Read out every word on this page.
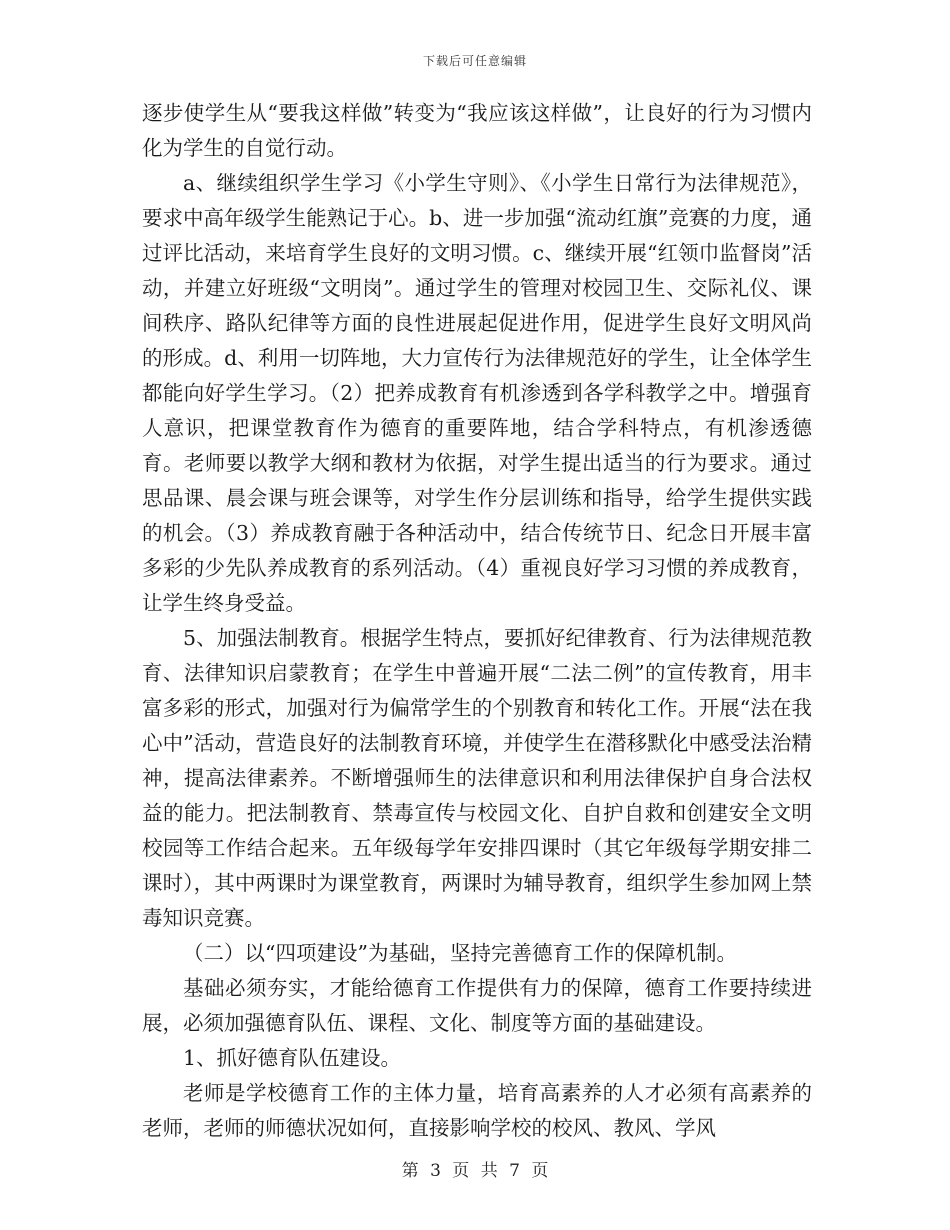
下载后可任意编辑

逐步使学生从“要我这样做”转变为“我应该这样做”，让良好的行为习惯内化为学生的自觉行动。

a、继续组织学生学习《小学生守则》、《小学生日常行为法律规范》，要求中高年级学生能熟记于心。b、进一步加强“流动红旗”竞赛的力度，通过评比活动，来培育学生良好的文明习惯。c、继续开展“红领巾监督岗”活动，并建立好班级“文明岗”。通过学生的管理对校园卫生、交际礼仪、课间秩序、路队纪律等方面的良性进展起促进作用，促进学生良好文明风尚的形成。d、利用一切阵地，大力宣传行为法律规范好的学生，让全体学生都能向好学生学习。（2）把养成教育有机渗透到各学科教学之中。增强育人意识，把课堂教育作为德育的重要阵地，结合学科特点，有机渗透德育。老师要以教学大纲和教材为依据，对学生提出适当的行为要求。通过思品课、晨会课与班会课等，对学生作分层训练和指导，给学生提供实践的机会。（3）养成教育融于各种活动中，结合传统节日、纪念日开展丰富多彩的少先队养成教育的系列活动。（4）重视良好学习习惯的养成教育，让学生终身受益。

5、加强法制教育。根据学生特点，要抓好纪律教育、行为法律规范教育、法律知识启蒙教育；在学生中普遍开展“二法二例”的宣传教育，用丰富多彩的形式，加强对行为偏常学生的个别教育和转化工作。开展“法在我心中”活动，营造良好的法制教育环境，并使学生在潜移默化中感受法治精神，提高法律素养。不断增强师生的法律意识和利用法律保护自身合法权益的能力。把法制教育、禁毒宣传与校园文化、自护自救和创建安全文明校园等工作结合起来。五年级每学年安排四课时（其它年级每学期安排二课时），其中两课时为课堂教育，两课时为辅导教育，组织学生参加网上禁毒知识竞赛。

（二）以“四项建设”为基础，坚持完善德育工作的保障机制。

基础必须夯实，才能给德育工作提供有力的保障，德育工作要持续进展，必须加强德育队伍、课程、文化、制度等方面的基础建设。

1、抓好德育队伍建设。

老师是学校德育工作的主体力量，培育高素养的人才必须有高素养的老师，老师的师德状况如何，直接影响学校的校风、教风、学风

第 3 页 共 7 页
